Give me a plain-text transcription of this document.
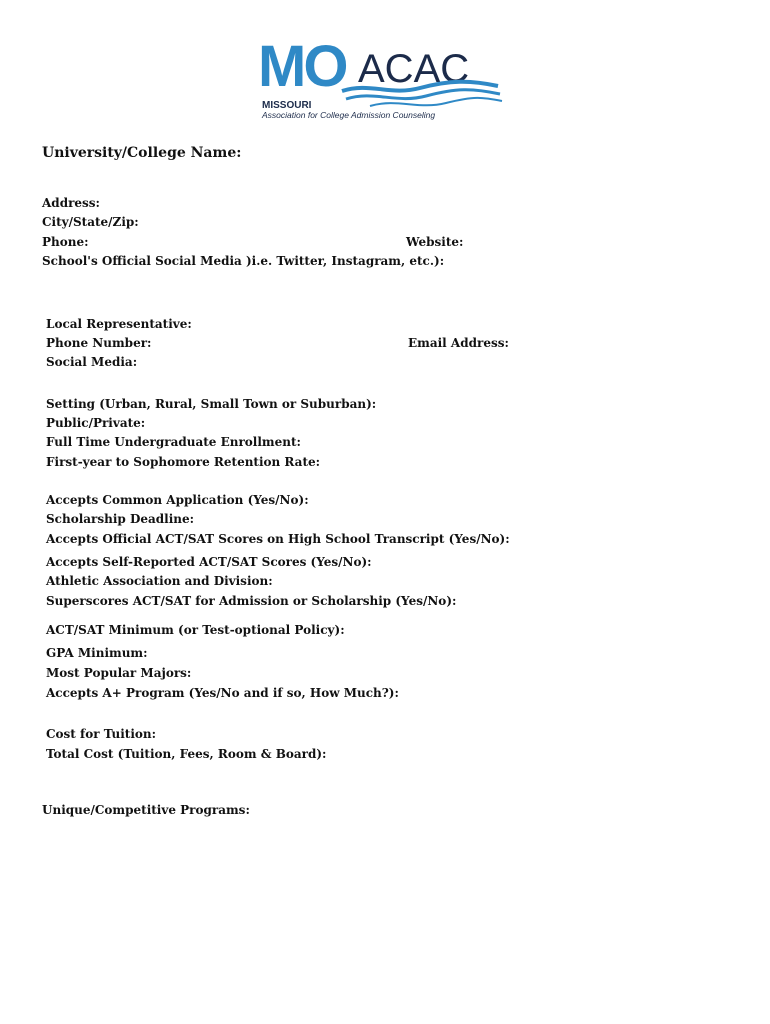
MO ACAC
MISSOURI
Association for College Admission Counseling

University/College Name:

Address:

City/State/Zip:

Phone:	Website:

School's Official Social Media )i.e. Twitter, Instagram, etc.):

Local Representative:

Phone Number:	Email Address:

Social Media:

Setting (Urban, Rural, Small Town or Suburban):

Public/Private:

Full Time Undergraduate Enrollment:

First-year to Sophomore Retention Rate:

Accepts Common Application (Yes/No):

Scholarship Deadline:

Accepts Official ACT/SAT Scores on High School Transcript (Yes/No):

Accepts Self-Reported ACT/SAT Scores (Yes/No):

Athletic Association and Division:

Superscores ACT/SAT for Admission or Scholarship (Yes/No):

ACT/SAT Minimum (or Test-optional Policy):

GPA Minimum:

Most Popular Majors:

Accepts A+ Program (Yes/No and if so, How Much?):

Cost for Tuition:

Total Cost (Tuition, Fees, Room & Board):

Unique/Competitive Programs:
